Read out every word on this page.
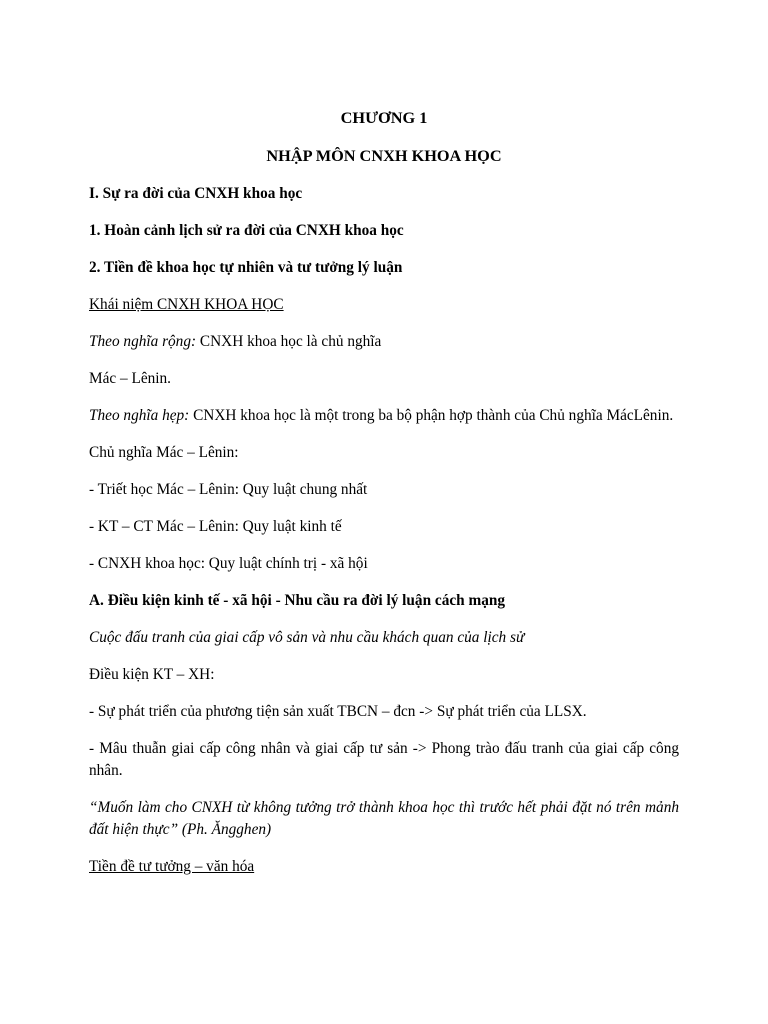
CHƯƠNG 1
NHẬP MÔN CNXH KHOA HỌC

I. Sự ra đời của CNXH khoa học

1. Hoàn cảnh lịch sử ra đời của CNXH khoa học

2. Tiền đề khoa học tự nhiên và tư tưởng lý luận

Khái niệm CNXH KHOA HỌC

Theo nghĩa rộng: CNXH khoa học là chủ nghĩa

Mác – Lênin.

Theo nghĩa hẹp: CNXH khoa học là một trong ba bộ phận hợp thành của Chủ nghĩa MácLênin.

Chủ nghĩa Mác – Lênin:

- Triết học Mác – Lênin: Quy luật chung nhất

- KT – CT Mác – Lênin: Quy luật kinh tế

- CNXH khoa học: Quy luật chính trị - xã hội

A. Điều kiện kinh tế - xã hội - Nhu cầu ra đời lý luận cách mạng

Cuộc đấu tranh của giai cấp vô sản và nhu cầu khách quan của lịch sử

Điều kiện KT – XH:

- Sự phát triển của phương tiện sản xuất TBCN – đcn -> Sự phát triển của LLSX.

- Mâu thuẫn giai cấp công nhân và giai cấp tư sản -> Phong trào đấu tranh của giai cấp công nhân.

“Muốn làm cho CNXH từ không tưởng trở thành khoa học thì trước hết phải đặt nó trên mảnh đất hiện thực” (Ph. Ăngghen)

Tiền đề tư tưởng – văn hóa
